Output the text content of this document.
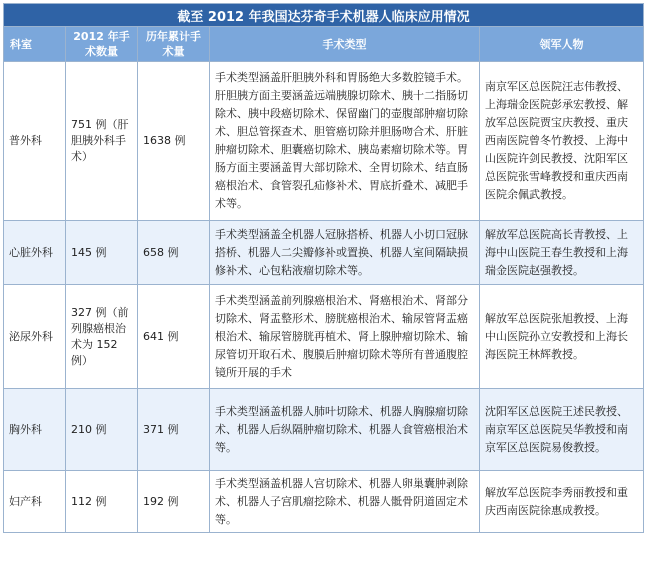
截至 2012 年我国达芬奇手术机器人临床应用情况				
科室	2012 年手术数量	历年累计手术量	手术类型	领军人物
普外科	751 例（肝胆胰外科手术）	1638 例	手术类型涵盖肝胆胰外科和胃肠绝大多数腔镜手术。肝胆胰方面主要涵盖远端胰腺切除术、胰十二指肠切除术、胰中段癌切除术、保留幽门的壶腹部肿瘤切除术、胆总管探查术、胆管癌切除并胆肠吻合术、肝脏肿瘤切除术、胆囊癌切除术、胰岛素瘤切除术等。胃肠方面主要涵盖胃大部切除术、全胃切除术、结直肠癌根治术、食管裂孔疝修补术、胃底折叠术、减肥手术等。	南京军区总医院汪志伟教授、上海瑞金医院彭承宏教授、解放军总医院贾宝庆教授、重庆西南医院曾冬竹教授、上海中山医院许剑民教授、沈阳军区总医院张雪峰教授和重庆西南医院余佩武教授。
心脏外科	145 例	658 例	手术类型涵盖全机器人冠脉搭桥、机器人小切口冠脉搭桥、机器人二尖瓣修补或置换、机器人室间隔缺损修补术、心包粘液瘤切除术等。	解放军总医院高长青教授、上海中山医院王春生教授和上海瑞金医院赵强教授。
泌尿外科	327 例（前列腺癌根治术为 152 例）	641 例	手术类型涵盖前列腺癌根治术、肾癌根治术、肾部分切除术、肾盂整形术、膀胱癌根治术、输尿管肾盂癌根治术、输尿管膀胱再植术、肾上腺肿瘤切除术、输尿管切开取石术、腹膜后肿瘤切除术等所有普通腹腔镜所开展的手术	解放军总医院张旭教授、上海中山医院孙立安教授和上海长海医院王林辉教授。
胸外科	210 例	371 例	手术类型涵盖机器人肺叶切除术、机器人胸腺瘤切除术、机器人后纵隔肿瘤切除术、机器人食管癌根治术等。	沈阳军区总医院王述民教授、南京军区总医院吴华教授和南京军区总医院易俊教授。
妇产科	112 例	192 例	手术类型涵盖机器人宫切除术、机器人卵巢囊肿剥除术、机器人子宫肌瘤挖除术、机器人骶骨阴道固定术等。	解放军总医院李秀丽教授和重庆西南医院徐惠成教授。
